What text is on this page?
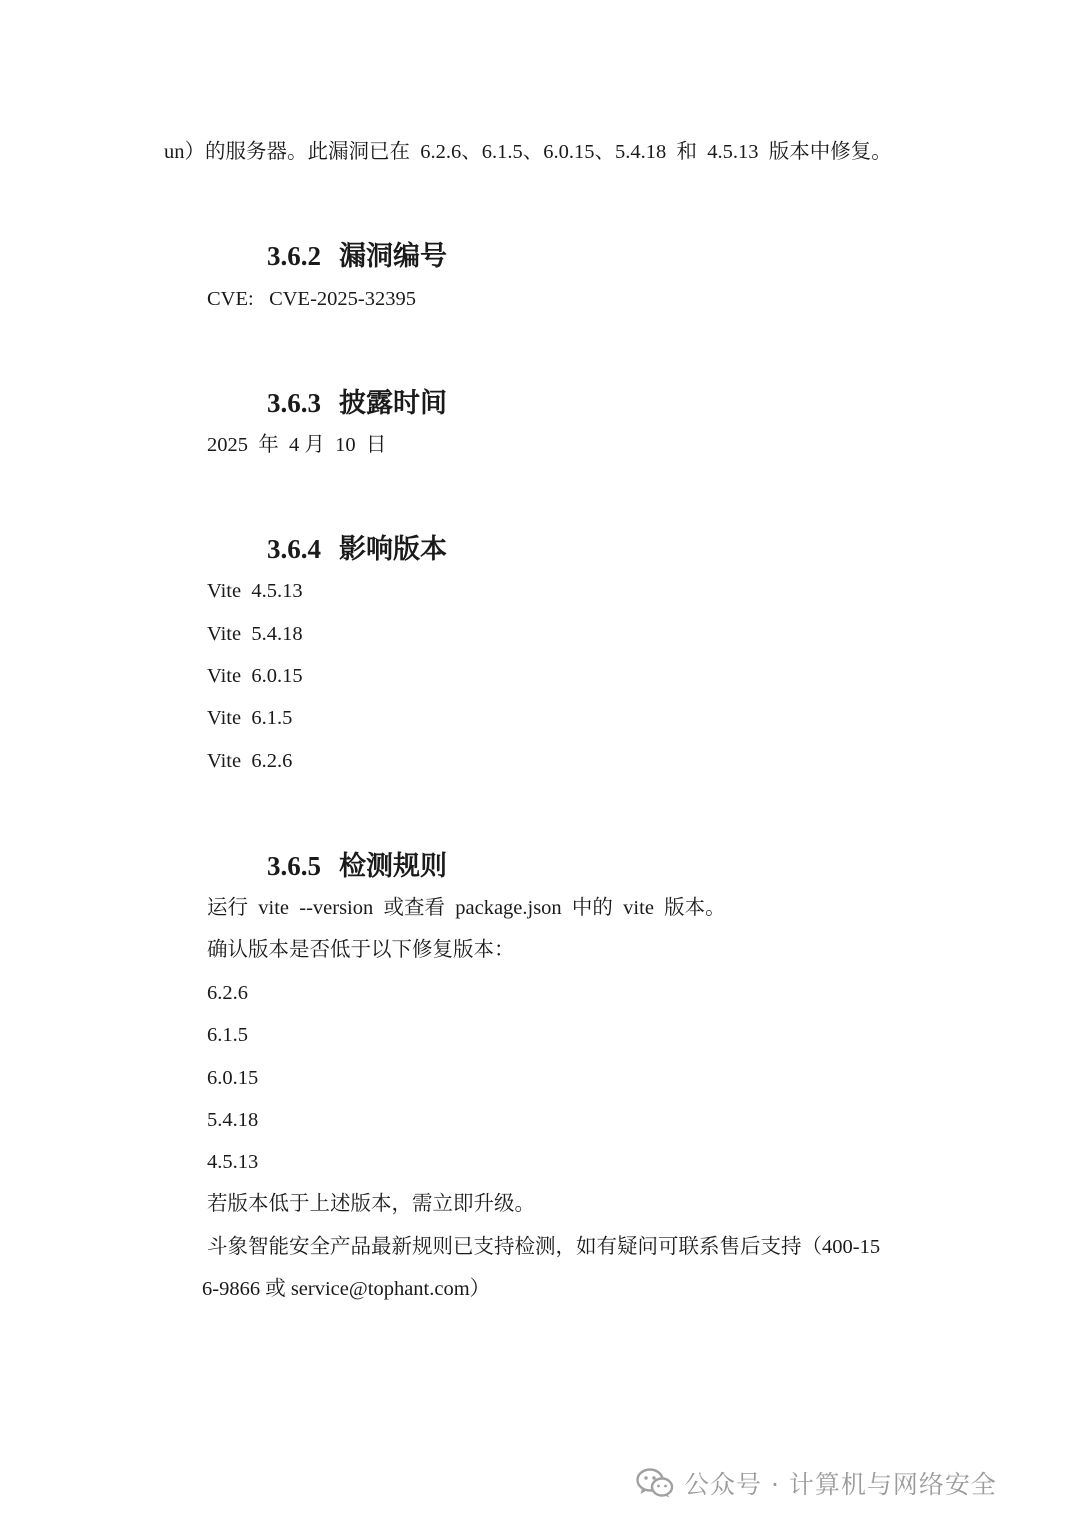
un）的服务器。此漏洞已在  6.2.6、6.1.5、6.0.15、5.4.18  和  4.5.13  版本中修复。

3.6.2 漏洞编号

CVE:   CVE-2025-32395

3.6.3 披露时间

2025  年  4 月  10  日

3.6.4 影响版本

Vite  4.5.13
Vite  5.4.18
Vite  6.0.15
Vite  6.1.5
Vite  6.2.6

3.6.5 检测规则

运行  vite  --version  或查看  package.json  中的  vite  版本。
确认版本是否低于以下修复版本：
6.2.6
6.1.5
6.0.15
5.4.18
4.5.13
若版本低于上述版本，需立即升级。
斗象智能安全产品最新规则已支持检测，如有疑问可联系售后支持（400-15
6-9866 或 service@tophant.com）
公众号 · 计算机与网络安全
